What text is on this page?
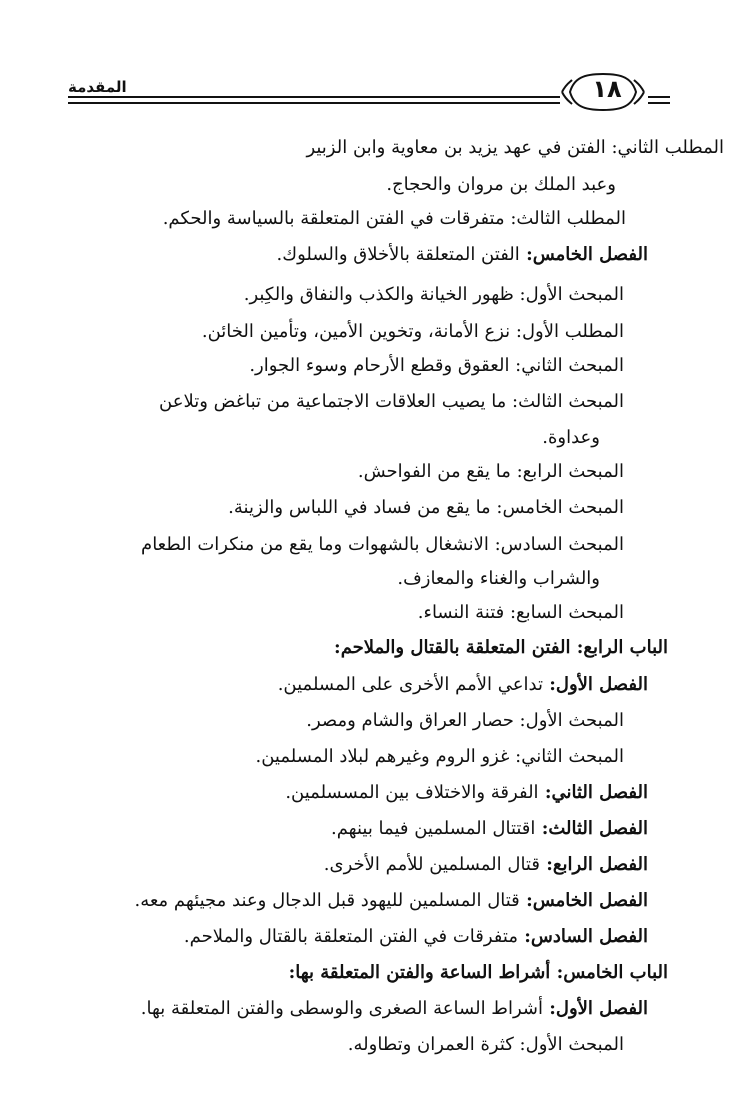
المقدمة	١٨
المطلب الثاني: الفتن في عهد يزيد بن معاوية وابن الزبير
وعبد الملك بن مروان والحجاج.
المطلب الثالث: متفرقات في الفتن المتعلقة بالسياسة والحكم.
الفصل الخامس: الفتن المتعلقة بالأخلاق والسلوك.
المبحث الأول: ظهور الخيانة والكذب والنفاق والكِبر.
المطلب الأول: نزع الأمانة، وتخوين الأمين، وتأمين الخائن.
المبحث الثاني: العقوق وقطع الأرحام وسوء الجوار.
المبحث الثالث: ما يصيب العلاقات الاجتماعية من تباغض وتلاعن
وعداوة.
المبحث الرابع: ما يقع من الفواحش.
المبحث الخامس: ما يقع من فساد في اللباس والزينة.
المبحث السادس: الانشغال بالشهوات وما يقع من منكرات الطعام
والشراب والغناء والمعازف.
المبحث السابع: فتنة النساء.
الباب الرابع: الفتن المتعلقة بالقتال والملاحم:
الفصل الأول: تداعي الأمم الأخرى على المسلمين.
المبحث الأول: حصار العراق والشام ومصر.
المبحث الثاني: غزو الروم وغيرهم لبلاد المسلمين.
الفصل الثاني: الفرقة والاختلاف بين المسسلمين.
الفصل الثالث: اقتتال المسلمين فيما بينهم.
الفصل الرابع: قتال المسلمين للأمم الأخرى.
الفصل الخامس: قتال المسلمين لليهود قبل الدجال وعند مجيئهم معه.
الفصل السادس: متفرقات في الفتن المتعلقة بالقتال والملاحم.
الباب الخامس: أشراط الساعة والفتن المتعلقة بها:
الفصل الأول: أشراط الساعة الصغرى والوسطى والفتن المتعلقة بها.
المبحث الأول: كثرة العمران وتطاوله.
